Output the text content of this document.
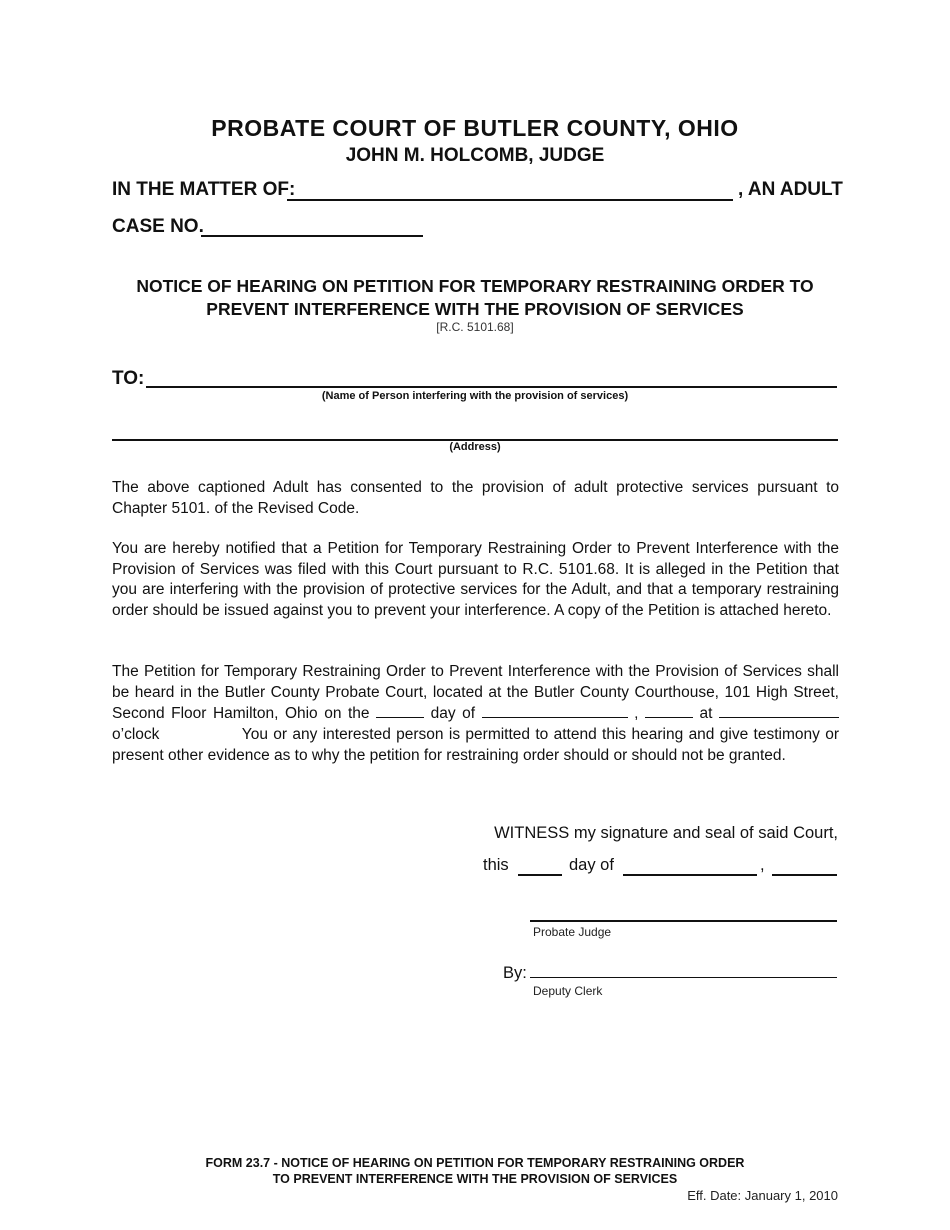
PROBATE COURT OF BUTLER COUNTY, OHIO
JOHN M. HOLCOMB, JUDGE
IN THE MATTER OF:	, AN ADULT
CASE NO.
NOTICE OF HEARING ON PETITION FOR TEMPORARY RESTRAINING ORDER TO
PREVENT INTERFERENCE WITH THE PROVISION OF SERVICES
[R.C. 5101.68]
TO:
(Name of Person interfering with the provision of services)
(Address)
The above captioned Adult has consented to the provision of adult protective services pursuant to Chapter 5101. of the Revised Code.
You are hereby notified that a Petition for Temporary Restraining Order to Prevent Interference with the Provision of Services was filed with this Court pursuant to R.C. 5101.68. It is alleged in the Petition that you are interfering with the provision of protective services for the Adult, and that a temporary restraining order should be issued against you to prevent your interference. A copy of the Petition is attached hereto.
The Petition for Temporary Restraining Order to Prevent Interference with the Provision of Services shall be heard in the Butler County Probate Court, located at the Butler County Courthouse, 101 High Street, Second Floor Hamilton, Ohio on the	day of	,	at  o’clock	You or any interested person is permitted to attend this hearing and give testimony or present other evidence as to why the petition for restraining order should or should not be granted.
WITNESS my signature and seal of said Court,
this	day of	,
Probate Judge
By:
Deputy Clerk
FORM 23.7 - NOTICE OF HEARING ON PETITION FOR TEMPORARY RESTRAINING ORDER
TO PREVENT INTERFERENCE WITH THE PROVISION OF SERVICES
Eff. Date: January 1, 2010
